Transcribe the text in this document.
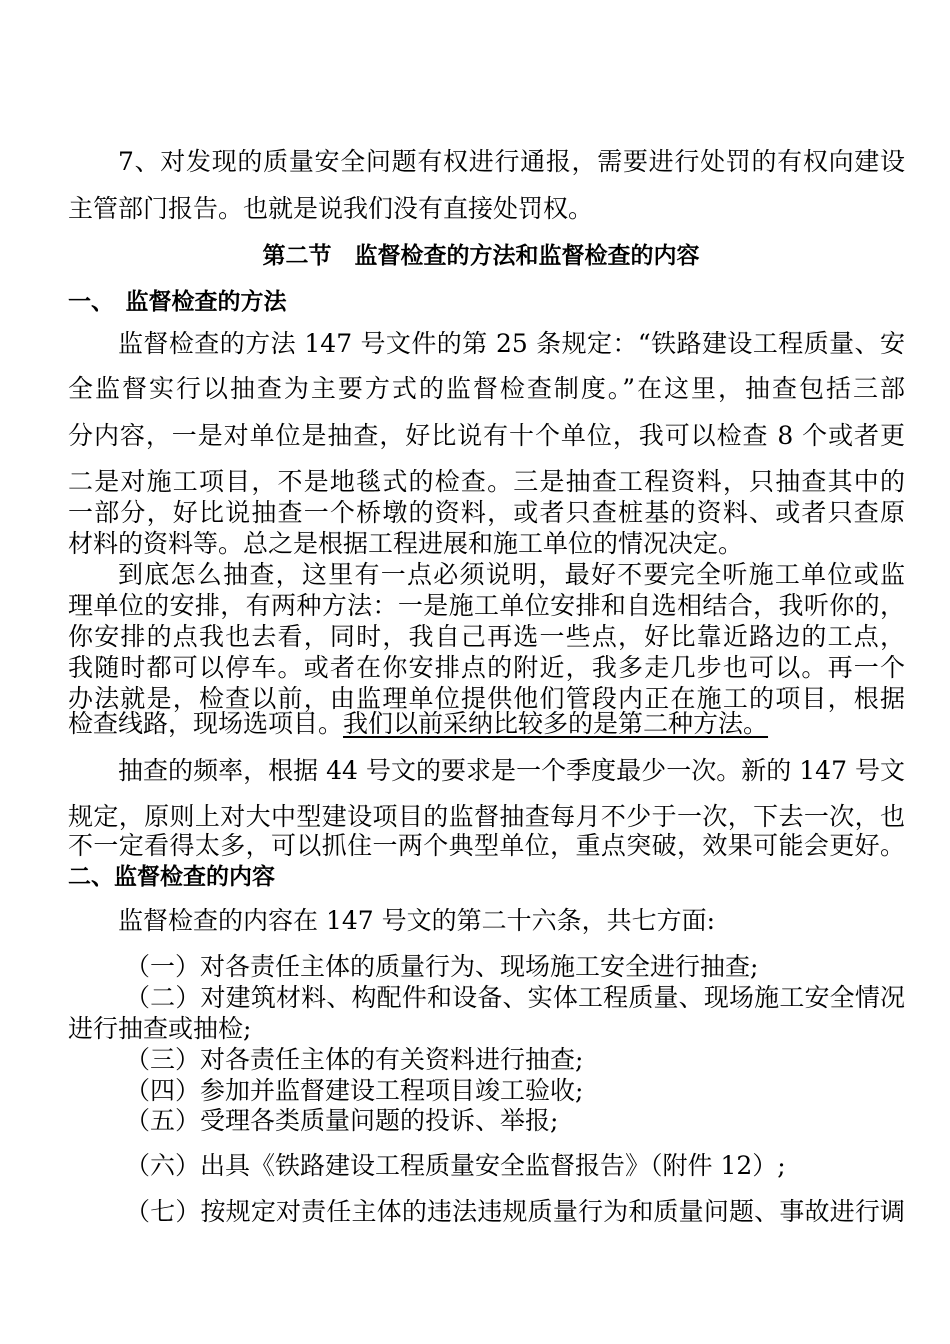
7、对发现的质量安全问题有权进行通报，需要进行处罚的有权向建设
主管部门报告。也就是说我们没有直接处罚权。
第二节　监督检查的方法和监督检查的内容
一、　监督检查的方法
监督检查的方法 147 号文件的第 25 条规定：“铁路建设工程质量、安
全监督实行以抽查为主要方式的监督检查制度。”在这里，抽查包括三部
分内容，一是对单位是抽查，好比说有十个单位，我可以检查 8 个或者更
二是对施工项目，不是地毯式的检查。三是抽查工程资料，只抽查其中的
一部分，好比说抽查一个桥墩的资料，或者只查桩基的资料、或者只查原
材料的资料等。总之是根据工程进展和施工单位的情况决定。
到底怎么抽查，这里有一点必须说明，最好不要完全听施工单位或监
理单位的安排，有两种方法：一是施工单位安排和自选相结合，我听你的，
你安排的点我也去看，同时，我自己再选一些点，好比靠近路边的工点，
我随时都可以停车。或者在你安排点的附近，我多走几步也可以。再一个
办法就是，检查以前，由监理单位提供他们管段内正在施工的项目，根据
检查线路，现场选项目。我们以前采纳比较多的是第二种方法。
抽查的频率，根据 44 号文的要求是一个季度最少一次。新的 147 号文
规定，原则上对大中型建设项目的监督抽查每月不少于一次，下去一次，也
不一定看得太多，可以抓住一两个典型单位，重点突破，效果可能会更好。
二、监督检查的内容
监督检查的内容在 147 号文的第二十六条，共七方面:
（一）对各责任主体的质量行为、现场施工安全进行抽查;
（二）对建筑材料、构配件和设备、实体工程质量、现场施工安全情况
进行抽查或抽检;
（三）对各责任主体的有关资料进行抽查;
（四）参加并监督建设工程项目竣工验收;
（五）受理各类质量问题的投诉、举报;
（六）出具《铁路建设工程质量安全监督报告》（附件 12）;
（七）按规定对责任主体的违法违规质量行为和质量问题、事故进行调
